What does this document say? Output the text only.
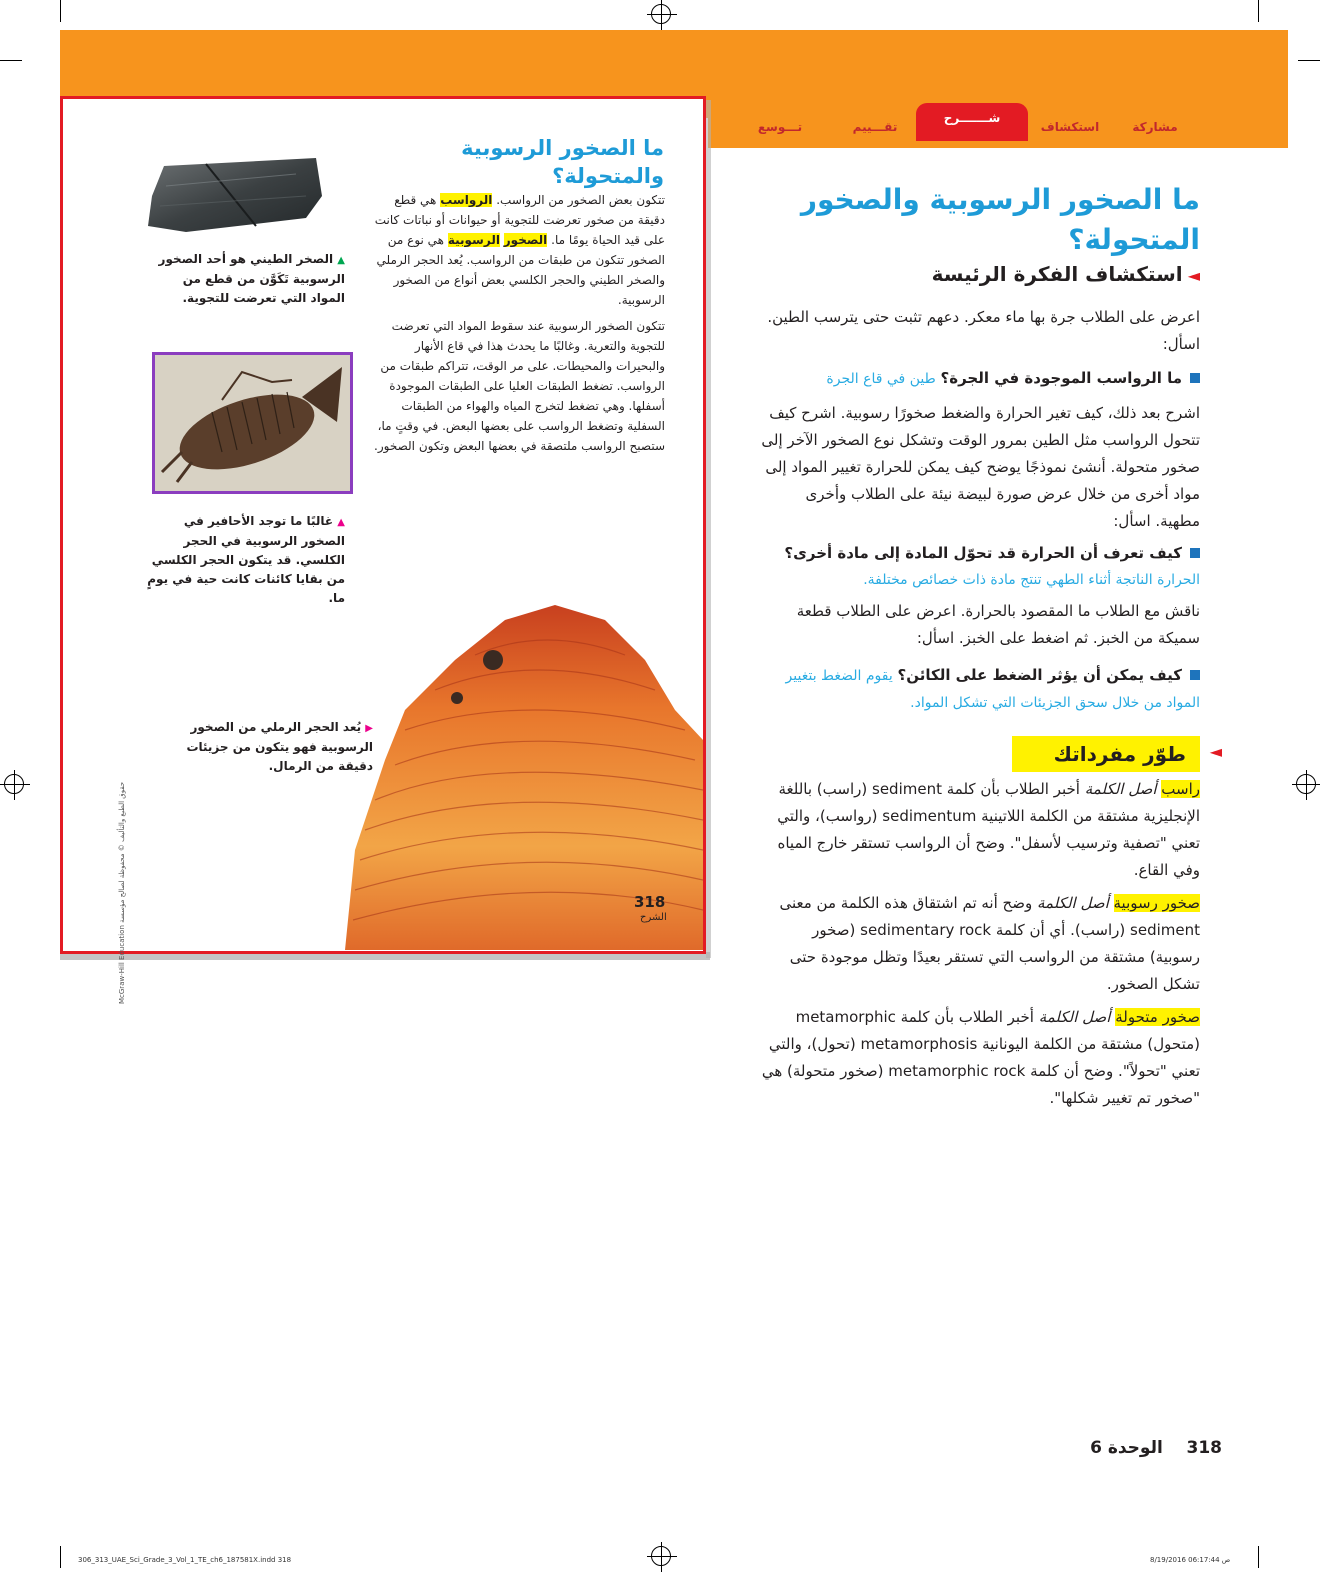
مشاركة
استكشاف
شـــــــرح
تقـــييم
تـــوسع
ما الصخور الرسوبية والمتحولة؟
تتكون بعض الصخور من الرواسب. الرواسب هي قطع دقيقة من صخور تعرضت للتجوية أو حيوانات أو نباتات كانت على قيد الحياة يومًا ما. الصخور الرسوبية هي نوع من الصخور تتكون من طبقات من الرواسب. يُعد الحجر الرملي والصخر الطيني والحجر الكلسي بعض أنواع من الصخور الرسوبية.
تتكون الصخور الرسوبية عند سقوط المواد التي تعرضت للتجوية والتعرية. وغالبًا ما يحدث هذا في قاع الأنهار والبحيرات والمحيطات. على مر الوقت، تتراكم طبقات من الرواسب. تضغط الطبقات العليا على الطبقات الموجودة أسفلها. وهي تضغط لتخرج المياه والهواء من الطبقات السفلية وتضغط الرواسب على بعضها البعض. في وقتٍ ما، ستصبح الرواسب ملتصقة في بعضها البعض وتكون الصخور.
▲ الصخر الطيني هو أحد الصخور الرسوبية تَكَوَّن من قطع من المواد التي تعرضت للتجوية.
▲ غالبًا ما توجد الأحافير في الصخور الرسوبية في الحجر الكلسي. قد يتكون الحجر الكلسي من بقايا كائنات كانت حية في يومٍ ما.
▶ يُعد الحجر الرملي من الصخور الرسوبية فهو يتكون من جزيئات دقيقة من الرمال.
318
الشرح
McGraw-Hill Education حقوق الطبع والتأليف © محفوظة لصالح مؤسسة
ما الصخور الرسوبية والصخور المتحولة؟
◄ استكشاف الفكرة الرئيسة
اعرض على الطلاب جرة بها ماء معكر. دعهم تثبت حتى يترسب الطين. اسأل:
ما الرواسب الموجودة في الجرة؟ طين في قاع الجرة
اشرح بعد ذلك، كيف تغير الحرارة والضغط صخورًا رسوبية. اشرح كيف تتحول الرواسب مثل الطين بمرور الوقت وتشكل نوع الصخور الآخر إلى صخور متحولة. أنشئ نموذجًا يوضح كيف يمكن للحرارة تغيير المواد إلى مواد أخرى من خلال عرض صورة لبيضة نيئة على الطلاب وأخرى مطهية. اسأل:
كيف تعرف أن الحرارة قد تحوّل المادة إلى مادة أخرى؟
الحرارة الناتجة أثناء الطهي تنتج مادة ذات خصائص مختلفة.
ناقش مع الطلاب ما المقصود بالحرارة. اعرض على الطلاب قطعة سميكة من الخبز. ثم اضغط على الخبز. اسأل:
كيف يمكن أن يؤثر الضغط على الكائن؟ يقوم الضغط بتغيير المواد من خلال سحق الجزيئات التي تشكل المواد.
◄
طوّر مفرداتك
راسب أصل الكلمة أخبر الطلاب بأن كلمة sediment (راسب) باللغة الإنجليزية مشتقة من الكلمة اللاتينية sedimentum (رواسب)، والتي تعني "تصفية وترسيب لأسفل". وضح أن الرواسب تستقر خارج المياه وفي القاع.
صخور رسوبية أصل الكلمة وضح أنه تم اشتقاق هذه الكلمة من معنى sediment (راسب). أي أن كلمة sedimentary rock (صخور رسوبية) مشتقة من الرواسب التي تستقر بعيدًا وتظل موجودة حتى تشكل الصخور.
صخور متحولة أصل الكلمة أخبر الطلاب بأن كلمة metamorphic (متحول) مشتقة من الكلمة اليونانية metamorphosis (تحول)، والتي تعني "تحولاً". وضح أن كلمة metamorphic rock (صخور متحولة) هي "صخور تم تغيير شكلها".
318    الوحدة 6
306_313_UAE_Sci_Grade_3_Vol_1_TE_ch6_187581X.indd 318	8/19/2016 06:17:44 ص
